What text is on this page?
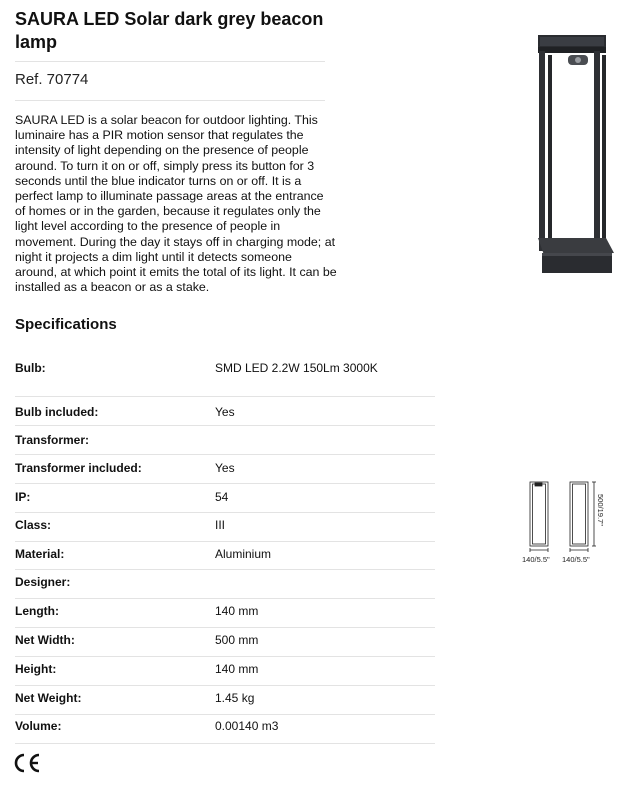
SAURA LED Solar dark grey beacon lamp
Ref. 70774

SAURA LED is a solar beacon for outdoor lighting. This luminaire has a PIR motion sensor that regulates the intensity of light depending on the presence of people around. To turn it on or off, simply press its button for 3 seconds until the blue indicator turns on or off. It is a perfect lamp to illuminate passage areas at the entrance of homes or in the garden, because it regulates only the light level according to the presence of people in movement. During the day it stays off in charging mode; at night it projects a dim light until it detects someone around, at which point it emits the total of its light. It can be installed as a beacon or as a stake.

Specifications
Bulb:	SMD LED 2.2W 150Lm 3000K
Bulb included:	Yes
Transformer:
Transformer included:	Yes
IP:	54
Class:	III
Material:	Aluminium
Designer:
Length:	140 mm
Net Width:	500 mm
Height:	140 mm
Net Weight:	1.45 kg
Volume:	0.00140 m3
140/5.5" 140/5.5"
500/19.7"
